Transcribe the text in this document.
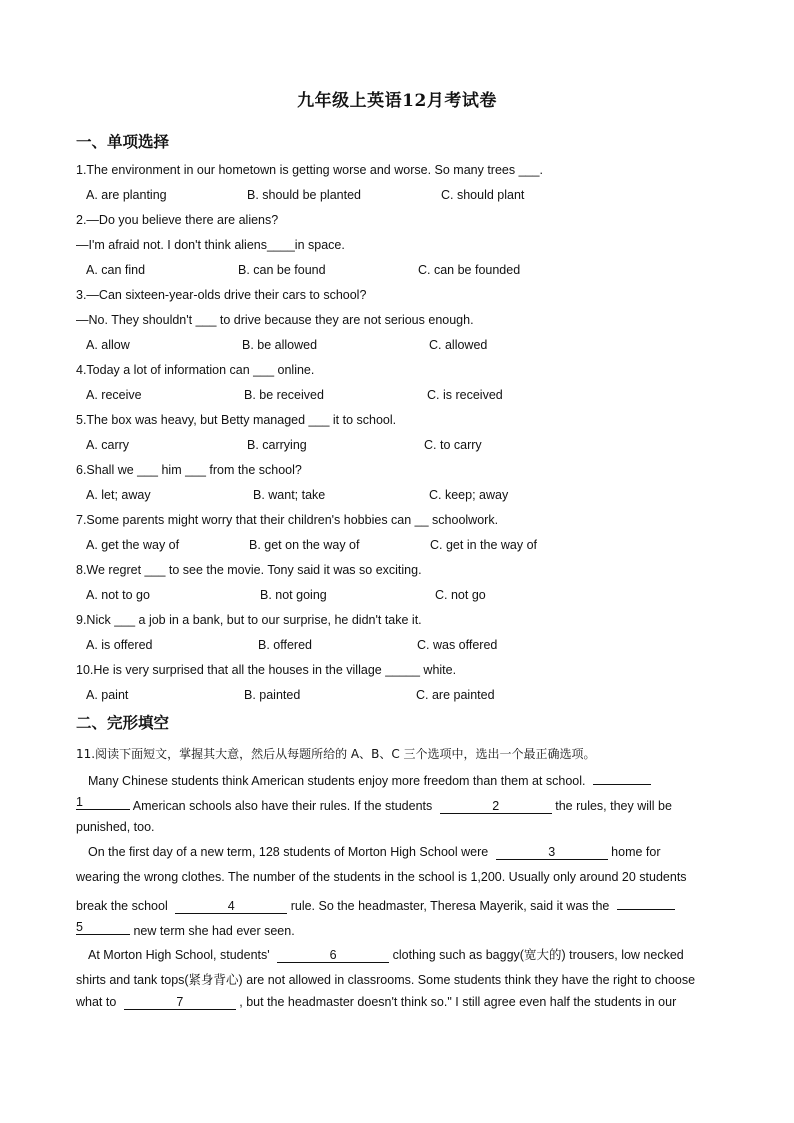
九年级上英语12月考试卷
一、单项选择
1.The environment in our hometown is getting worse and worse. So many trees ___.
A. are planting	B. should be planted	C. should plant
2.—Do you believe there are aliens?
—I'm afraid not. I don't think aliens____in space.
A. can find	B. can be found	C. can be founded
3.—Can sixteen-year-olds drive their cars to school?
—No. They shouldn't ___ to drive because they are not serious enough.
A. allow	B. be allowed	C. allowed
4.Today a lot of information can ___ online.
A. receive	B. be received	C. is received
5.The box was heavy, but Betty managed ___ it to school.
A. carry	B. carrying	C. to carry
6.Shall we ___ him ___ from the school?
A. let; away	B. want; take	C. keep; away
7.Some parents might worry that their children's hobbies can __ schoolwork.
A. get the way of	B. get on the way of	C. get in the way of
8.We regret ___ to see the movie. Tony said it was so exciting.
A. not to go	B. not going	C. not go
9.Nick ___ a job in a bank, but to our surprise, he didn't take it.
A. is offered	B. offered	C. was offered
10.He is very surprised that all the houses in the village _____ white.
A. paint	B. painted	C. are painted
二、完形填空
11.阅读下面短文，掌握其大意，然后从每题所给的 A、B、C 三个选项中，选出一个最正确选项。
Many Chinese students think American students enjoy more freedom than them at school.
1	American schools also have their rules. If the students	2	the rules, they will be
punished, too.
On the first day of a new term, 128 students of Morton High School were	3	home for
wearing the wrong clothes. The number of the students in the school is 1,200. Usually only around 20 students
break the school	4	rule. So the headmaster, Theresa Mayerik, said it was the
5	new term she had ever seen.
At Morton High School, students'	6	clothing such as baggy(宽大的) trousers, low necked
shirts and tank tops(紧身背心) are not allowed in classrooms. Some students think they have the right to choose
what to	7	, but the headmaster doesn't think so." I still agree even half the students in our
